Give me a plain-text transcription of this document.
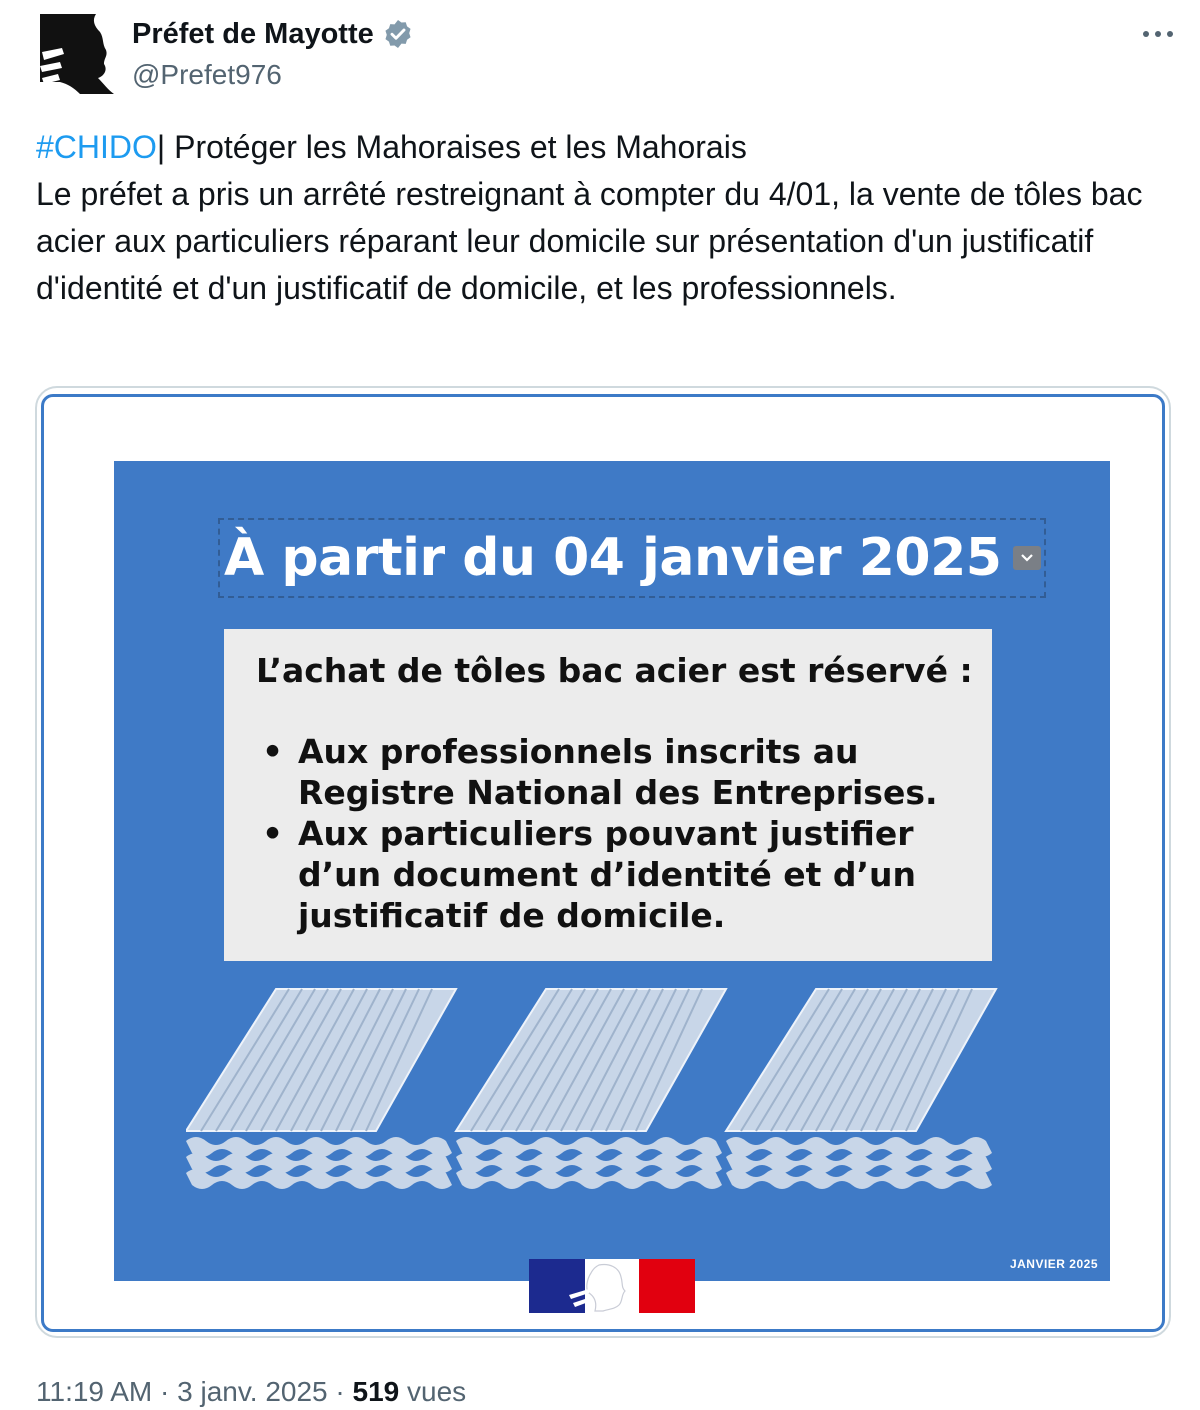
Préfet de Mayotte
@Prefet976
#CHIDO| Protéger les Mahoraises et les Mahorais
Le préfet a pris un arrêté restreignant à compter du 4/01, la vente de tôles bac acier aux particuliers réparant leur domicile sur présentation d'un justificatif d'identité et d'un justificatif de domicile, et les professionnels.
À partir du 04 janvier 2025
L’achat de tôles bac acier est réservé :
• Aux professionnels inscrits au Registre National des Entreprises.
• Aux particuliers pouvant justifier d’un document d’identité et d’un justificatif de domicile.
JANVIER 2025
11:19 AM · 3 janv. 2025 · 519 vues
